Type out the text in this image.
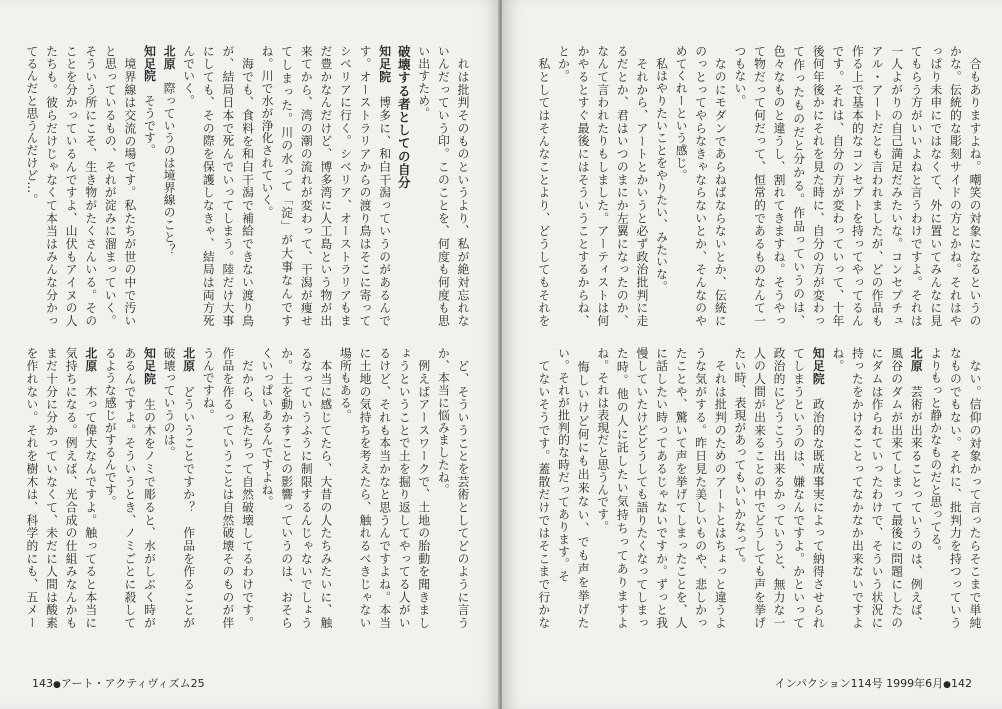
　れは批判そのものというより、私が絶対忘れないんだっていう印。このことを、何度も何度も思い出すため。
破壊する者としての自分
知足院　博多に、和白干潟っていうのがあるんです。オーストラリアからの渡り鳥はそこに寄ってシベリアに行く。シベリア、オーストラリアもまだ豊かなんだけど、博多湾に人工島という物が出来てから、湾の潮の流れが変わって、干潟が痩せてしまった。川の水って「淀」が大事なんですね。川で水が浄化されていく。
　海でも、食料を和白干潟で補給できない渡り鳥が、結局日本で死んでいってしまう。陸だけ大事にしても、その際を保護しなきゃ、結局は両方死んでいく。
北原　際っていうのは境界線のこと？
知足院　そうです。
　境界線は交流の場です。私たちが世の中で汚いと思っているもの、それが淀みに溜まっていく。そういう所にこそ、生き物がたくさんいる。そのことを分かっているんですよ、山伏もアイヌの人たちも。彼らだけじゃなくて本当はみんな分かってるんだと思うんだけど…。
　ど、そういうことを芸術としてどのように言うか、本当に悩みましたね。
　例えばアースワークで、土地の胎動を聞きましょうということで土を掘り返してやってる人がいるけど、それも本当かなと思うんですよね。本当に土地の気持ちを考えたら、触れるべきじゃない場所もある。
　本当に感じてたら、大昔の人たちみたいに、触るなっていうふうに制限するんじゃないでしょうか。土を動かすことの影響っていうのは、おそらくいっぱいあるんですよね。
　だから、私たちって自然破壊してるわけです。作品を作るっていうことは自然破壊そのものが伴うんですね。
北原　どういうことですか？　作品を作ることが破壊っていうのは。
知足院　生の木をノミで彫ると、水がしぶく時があるんですよ。そういうとき、ノミごとに殺してるような感じがするんです。
北原　木って偉大なんですよ。触ってると本当に気持ちになる。例えば、光合成の仕組みなんかもまだ十分に分かっていなくて、未だに人間は酸素を作れない。それを樹木は、科学的にも、五メー
143●アート・アクティヴィズム25
　合もありますよね。嘲笑の対象になるというのかな。伝統的な彫刻サイドの方とかね。それはやっぱり未申にではなくて、外に置いてみんなに見てもらう方がいいよねと言うわけですよ。それは一人よがりの自己満足だみたいな。コンセプチュアル・アートだとも言われましたが、どの作品も作る上で基本的なコンセプトを持ってやってるんです。それは、自分の方が変わっていって、十年後何年後かにそれを見た時に、自分の方が変わって作ったものだと分かる。作品っていうのは、色々なものと違うし、割れてきますね。そうやって物だって何だって、恒常的であるものなんて一つもない。
　なのにモダンであらねばならないとか、伝統にのっとってやらなきゃならないとか、そんなのやめてくれーという感じ。
　私はやりたいことをやりたい、みたいな。
　それから、アートとかいうと必ず政治批判に走るだとか、君はいつのまにか左翼になったのか、なんて言われたりもしました。アーティストは何かやるとすぐ最後にはそういうことするからね、とか。
　私としてはそんなことより、どうしてもそれを

　ない。信仰の対象かって言ったらそこまで単純なものでもない。それに、批判力を持つっていうよりもっと静かなものだと思ってる。
北原　芸術が出来ることっていうのは、例えば、風谷のダムが出来てしまって最後に問題にしたのにダムは作られていったわけで、そういう状況に持ったをかけることってなかなか出来ないですよね。
知足院　政治的な既成事実によって納得させられてしまうというのは、嫌なんですよ。かといって政治的にどうこう出来るかっていうと、無力な一人の人間が出来ることの中でどうしても声を挙げたい時、表現があってもいいかなって。
　それは批判のためのアートとはちょっと違うような気がする。昨日見た美しいものや、悲しかったことや、驚いて声を挙げてしまったことを、人に話したい時ってあるじゃないですか。ずっと我慢していたけどどうしても語りたくなってしまった時。他の人に託したい気持ちってありますよね。それは表現だと思うんです。
　悔しいけど何にも出来ない、でも声を挙げたい。それが批判的な時だってあります。そ
　てないそうです。蓋散だけではそこまで行かな

インパクション114号 1999年6月●142
